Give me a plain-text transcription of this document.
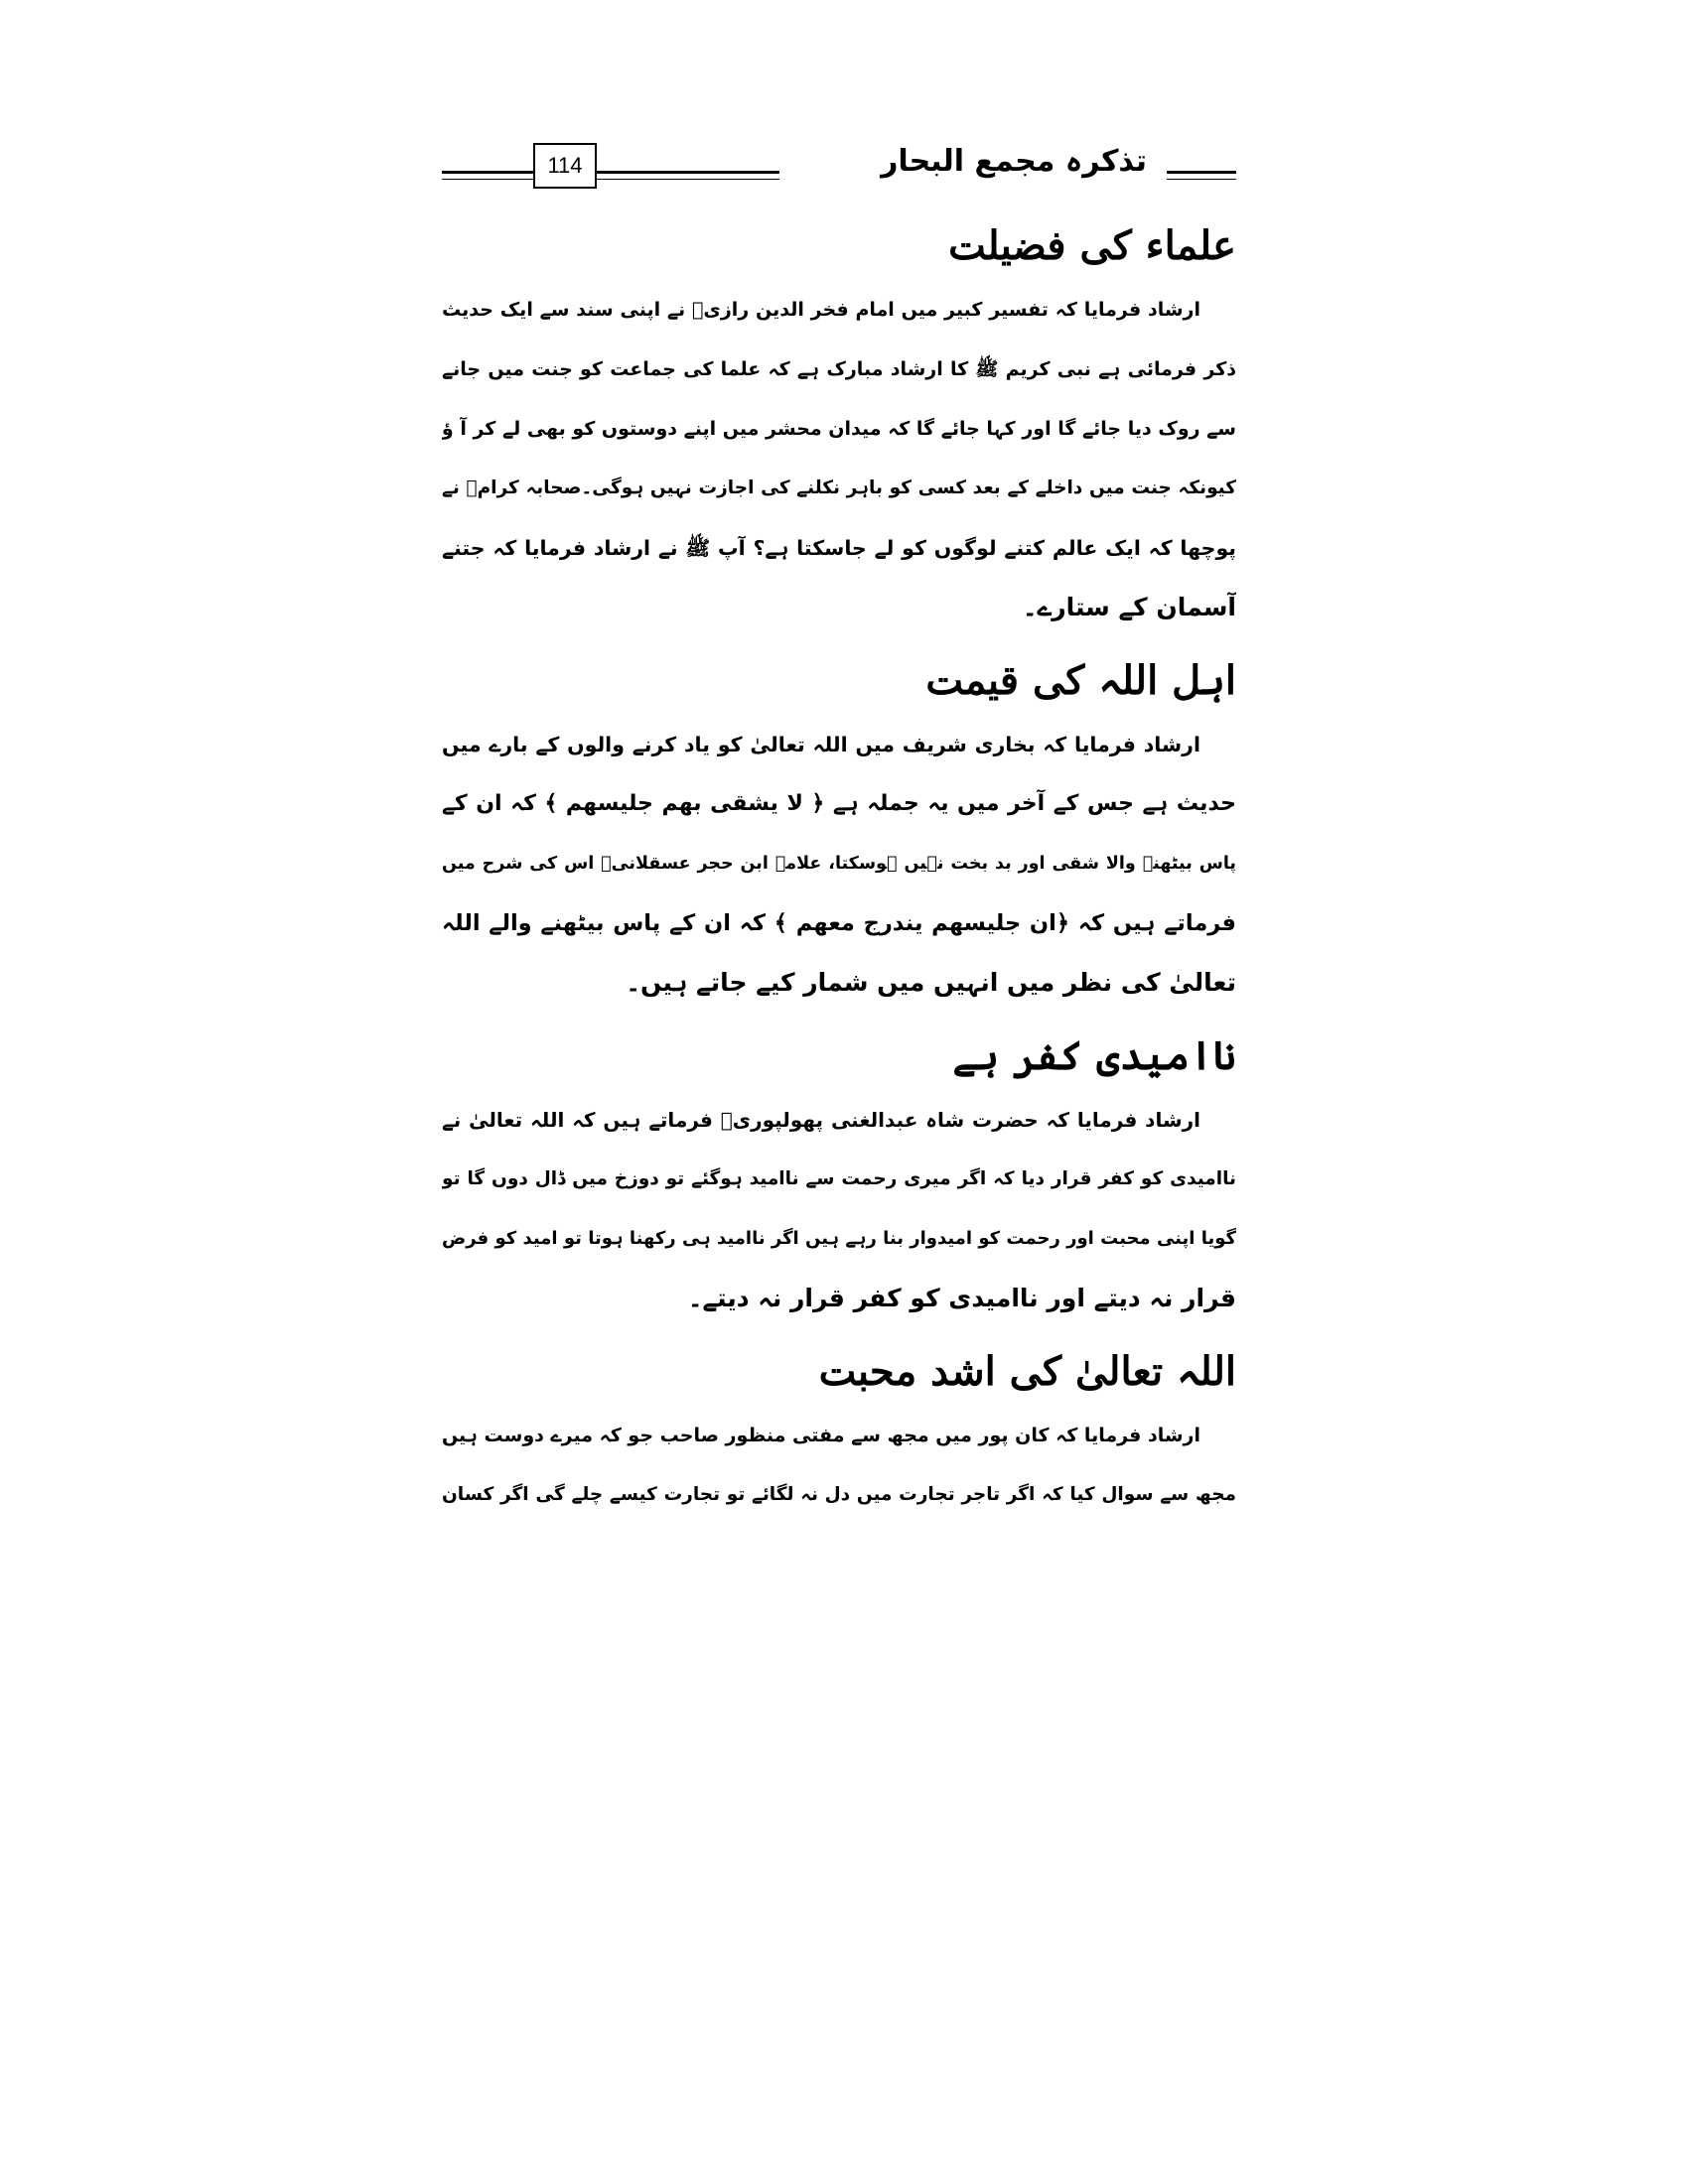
114	تذکرہ مجمع البحار
علماء کی فضیلت
ارشاد فرمایا کہ تفسیر کبیر میں امام فخر الدین رازیؒ نے اپنی سند سے ایک حدیث
ذکر فرمائی ہے نبی کریم ﷺ کا ارشاد مبارک ہے کہ علما کی جماعت کو جنت میں جانے
سے روک دیا جائے گا اور کہا جائے گا کہ میدان محشر میں اپنے دوستوں کو بھی لے کر آ ؤ
کیونکہ جنت میں داخلے کے بعد کسی کو باہر نکلنے کی اجازت نہیں ہوگی۔صحابہ کرامؓ نے
پوچھا کہ ایک عالم کتنے لوگوں کو لے جاسکتا ہے؟ آپ ﷺ نے ارشاد فرمایا کہ جتنے
آسمان کے ستارے۔
اہل اللہ کی قیمت
ارشاد فرمایا کہ بخاری شریف میں اللہ تعالیٰ کو یاد کرنے والوں کے بارے میں
حدیث ہے جس کے آخر میں یہ جملہ ہے ﴿ لا یشقی بھم جلیسھم ﴾ کہ ان کے
پاس بیٹھنے والا شقی اور بد بخت نہیں ہوسکتا، علامہ ابن حجر عسقلانیؒ اس کی شرح میں
فرماتے ہیں کہ ﴿ان جلیسھم یندرج معھم ﴾ کہ ان کے پاس بیٹھنے والے اللہ
تعالیٰ کی نظر میں انہیں میں شمار کیے جاتے ہیں۔
ناامیدی کفر ہے
ارشاد فرمایا کہ حضرت شاہ عبدالغنی پھولپوریؒ فرماتے ہیں کہ اللہ تعالیٰ نے
ناامیدی کو کفر قرار دیا کہ اگر میری رحمت سے ناامید ہوگئے تو دوزخ میں ڈال دوں گا تو
گویا اپنی محبت اور رحمت کو امیدوار بنا رہے ہیں اگر ناامید ہی رکھنا ہوتا تو امید کو فرض
قرار نہ دیتے اور ناامیدی کو کفر قرار نہ دیتے۔
اللہ تعالیٰ کی اشد محبت
ارشاد فرمایا کہ کان پور میں مجھ سے مفتی منظور صاحب جو کہ میرے دوست ہیں
مجھ سے سوال کیا کہ اگر تاجر تجارت میں دل نہ لگائے تو تجارت کیسے چلے گی اگر کسان
